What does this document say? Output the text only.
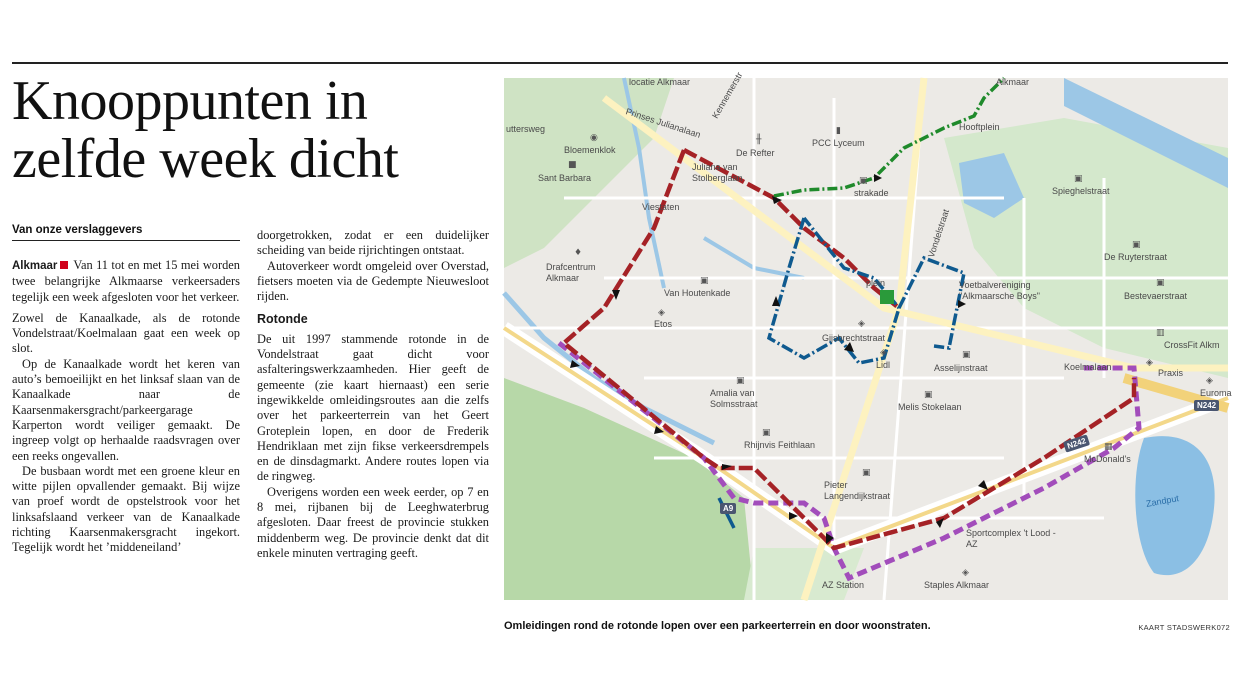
Knooppunten in
zelfde week dicht
Van onze verslaggevers

Alkmaar Van 11 tot en met 15 mei worden twee belangrijke Alkmaarse verkeersaders tegelijk een week afgesloten voor het verkeer.

Zowel de Kanaalkade, als de rotonde Vondelstraat/Koelmalaan gaat een week op slot.

Op de Kanaalkade wordt het keren van auto’s bemoeilijkt en het linksaf slaan van de Kanaalkade naar de Kaarsenmakersgracht/parkeergarage Karperton wordt veiliger gemaakt. De ingreep volgt op herhaalde raadsvragen over een reeks ongevallen.

De busbaan wordt met een groene kleur en witte pijlen opvallender gemaakt. Bij wijze van proef wordt de opstelstrook voor het linksafslaand verkeer van de Kanaalkade richting Kaarsenmakersgracht ingekort. Tegelijk wordt het ’middeneiland’

doorgetrokken, zodat er een duidelijker scheiding van beide rijrichtingen ontstaat.

Autoverkeer wordt omgeleid over Overstad, fietsers moeten via de Gedempte Nieuwesloot rijden.

Rotonde

De uit 1997 stammende rotonde in de Vondelstraat gaat dicht voor asfalteringswerkzaamheden. Hier geeft de gemeente (zie kaart hiernaast) een serie ingewikkelde omleidingsroutes aan die zelfs over het parkeerterrein van het Geert Groteplein lopen, en door de Frederik Hendriklaan met zijn fikse verkeersdrempels en de dinsdagmarkt. Andere routes lopen via de ringweg.

Overigens worden een week eerder, op 7 en 8 mei, rijbanen bij de Leeghwaterbrug afgesloten. Daar freest de provincie stukken middenberm weg. De provincie denkt dat dit enkele minuten vertraging geeft.

locatie Alkmaar	Alkmaar
uttersweg	Prinses Julianalaan
Kennemerstr
◉
Bloemenklok
╫
De Refter
▮
PCC Lyceum
Hooftplein
■
Sant Barbara
Juliana van Stolberglaan	▣
strakade
▣
Spieghelstraat
Viestaten
▣
De Ruyterstraat
Vondelstraat
♦
Drafcentrum Alkmaar
Voetbalvereniging "Alkmaarsche Boys"
▣
Bestevaerstraat
▣
Van Houtenkade
◈
Etos
plein
◈
Gijsbrechtstraat
◈
Lidl
▥
CrossFit Alkm
Koelmalaan
▣
Asselijnstraat	◈
Praxis
◈
Euroma
N242
▣
Amalia van Solmsstraat
▣
Melis Stokelaan
▣
Rhijnvis Feithlaan	N242	▦
McDonald's
▣
Pieter Langendijkstraat	Zandput
Sportcomplex 't Lood - AZ
A9
AZ Station
◈
Staples Alkmaar
Omleidingen rond de rotonde lopen over een parkeerterrein en door woonstraten.	KAART STADSWERK072
